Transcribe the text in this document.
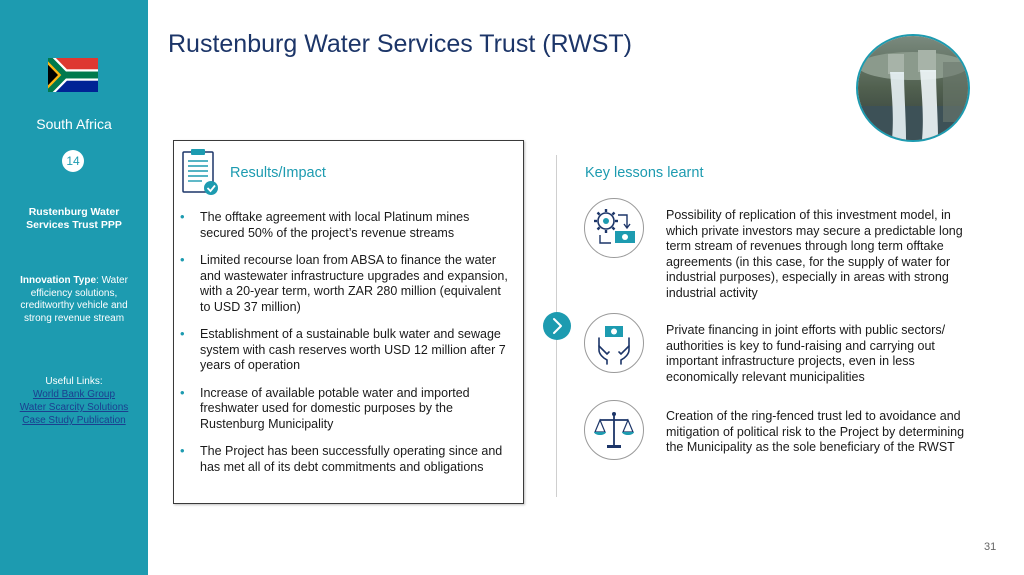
South Africa
14
Rustenburg Water Services Trust PPP
Innovation Type: Water efficiency solutions, creditworthy vehicle and strong revenue stream
Useful Links:
World Bank Group
Water Scarcity Solutions
Case Study Publication
Rustenburg Water Services Trust (RWST)
Results/Impact
• The offtake agreement with local Platinum mines secured 50% of the project’s revenue streams
• Limited recourse loan from ABSA to finance the water and wastewater infrastructure upgrades and expansion, with a 20-year term, worth ZAR 280 million (equivalent to USD 37 million)
• Establishment of a sustainable bulk water and sewage system with cash reserves worth USD 12 million after 7 years of operation
• Increase of available potable water and imported freshwater used for domestic purposes by the Rustenburg Municipality
• The Project has been successfully operating since and has met all of its debt commitments and obligations
Key lessons learnt
Possibility of replication of this investment model, in which private investors may secure a predictable long term stream of revenues through long term offtake agreements (in this case, for the supply of water for industrial purposes), especially in areas with strong industrial activity
Private financing in joint efforts with public sectors/ authorities is key to fund-raising and carrying out important infrastructure projects, even in less economically relevant municipalities
Creation of the ring-fenced trust led to avoidance and mitigation of political risk to the Project by determining the Municipality as the sole beneficiary of the RWST
31
